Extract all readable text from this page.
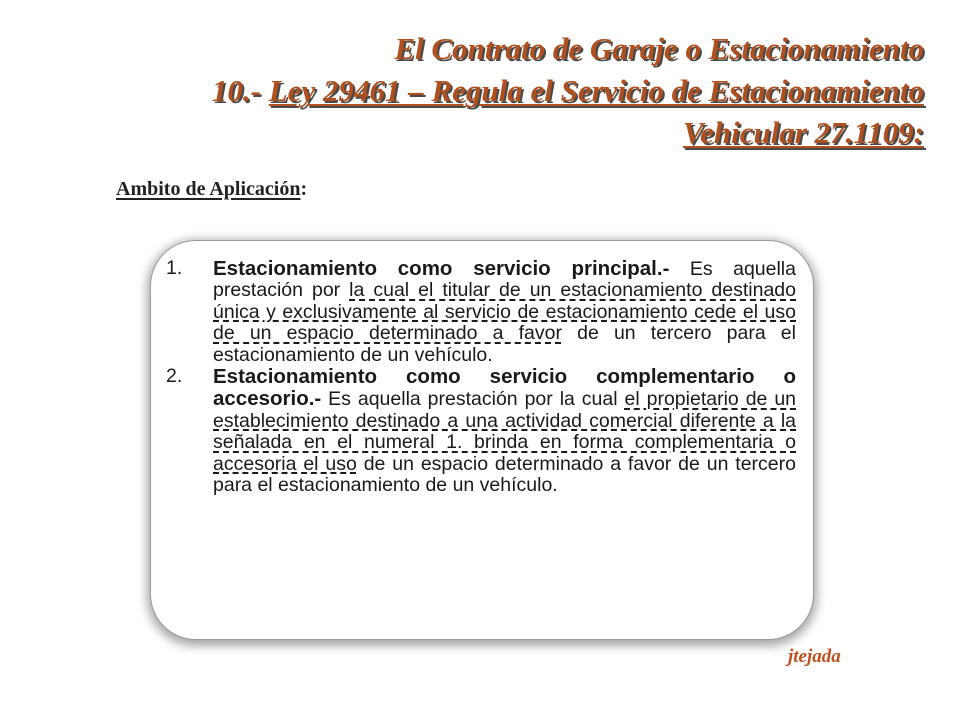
El Contrato de Garaje o Estacionamiento
10.- Ley 29461 – Regula el Servicio de Estacionamiento
Vehicular 27.1109:
Ambito de Aplicación:
1.	Estacionamiento como servicio principal.- Es aquella prestación por la cual el titular de un estacionamiento destinado única y exclusivamente al servicio de estacionamiento cede el uso de un espacio determinado a favor de un tercero para el estacionamiento de un vehículo.
2.	Estacionamiento como servicio complementario o accesorio.- Es aquella prestación por la cual el propietario de un establecimiento destinado a una actividad comercial diferente a la señalada en el numeral 1. brinda en forma complementaria o accesoria el uso de un espacio determinado a favor de un tercero para el estacionamiento de un vehículo.
jtejada
